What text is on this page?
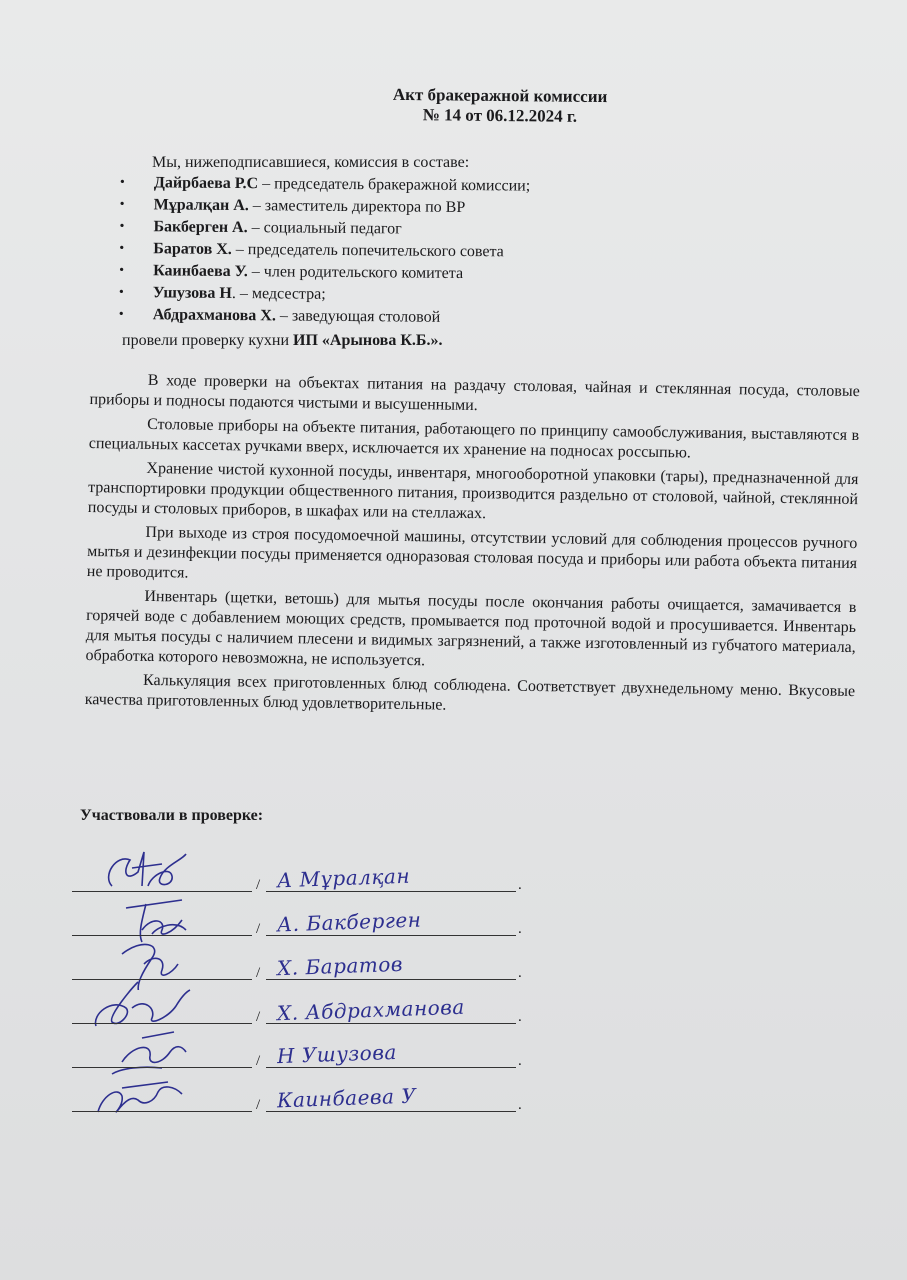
Акт бракеражной комиссии
№ 14 от 06.12.2024 г.
Мы, нижеподписавшиеся, комиссия в составе:
• Дайрбаева Р.С – председатель бракеражной комиссии;
• Мұралқан А. – заместитель директора по ВР
• Бакберген А. – социальный педагог
• Баратов Х. – председатель попечительского совета
• Каинбаева У. – член родительского комитета
• Ушузова Н. – медсестра;
• Абдрахманова Х. – заведующая столовой
провели проверку кухни ИП «Арынова К.Б.».

В ходе проверки на объектах питания на раздачу столовая, чайная и стеклянная посуда, столовые приборы и подносы подаются чистыми и высушенными.

Столовые приборы на объекте питания, работающего по принципу самообслуживания, выставляются в специальных кассетах ручками вверх, исключается их хранение на подносах россыпью.

Хранение чистой кухонной посуды, инвентаря, многооборотной упаковки (тары), предназначенной для транспортировки продукции общественного питания, производится раздельно от столовой, чайной, стеклянной посуды и столовых приборов, в шкафах или на стеллажах.

При выходе из строя посудомоечной машины, отсутствии условий для соблюдения процессов ручного мытья и дезинфекции посуды применяется одноразовая столовая посуда и приборы или работа объекта питания не проводится.

Инвентарь (щетки, ветошь) для мытья посуды после окончания работы очищается, замачивается в горячей воде с добавлением моющих средств, промывается под проточной водой и просушивается. Инвентарь для мытья посуды с наличием плесени и видимых загрязнений, а также изготовленный из губчатого материала, обработка которого невозможна, не используется.

Калькуляция всех приготовленных блюд соблюдена. Соответствует двухнедельному меню. Вкусовые качества приготовленных блюд удовлетворительные.

Участвовали в проверке:
/ А Мұралқан	.
/ А. Бакберген	.
/ Х. Баратов	.
/ Х. Абдрахманова	.
/ Н Ушузова	.
/ Каинбаева У	.
